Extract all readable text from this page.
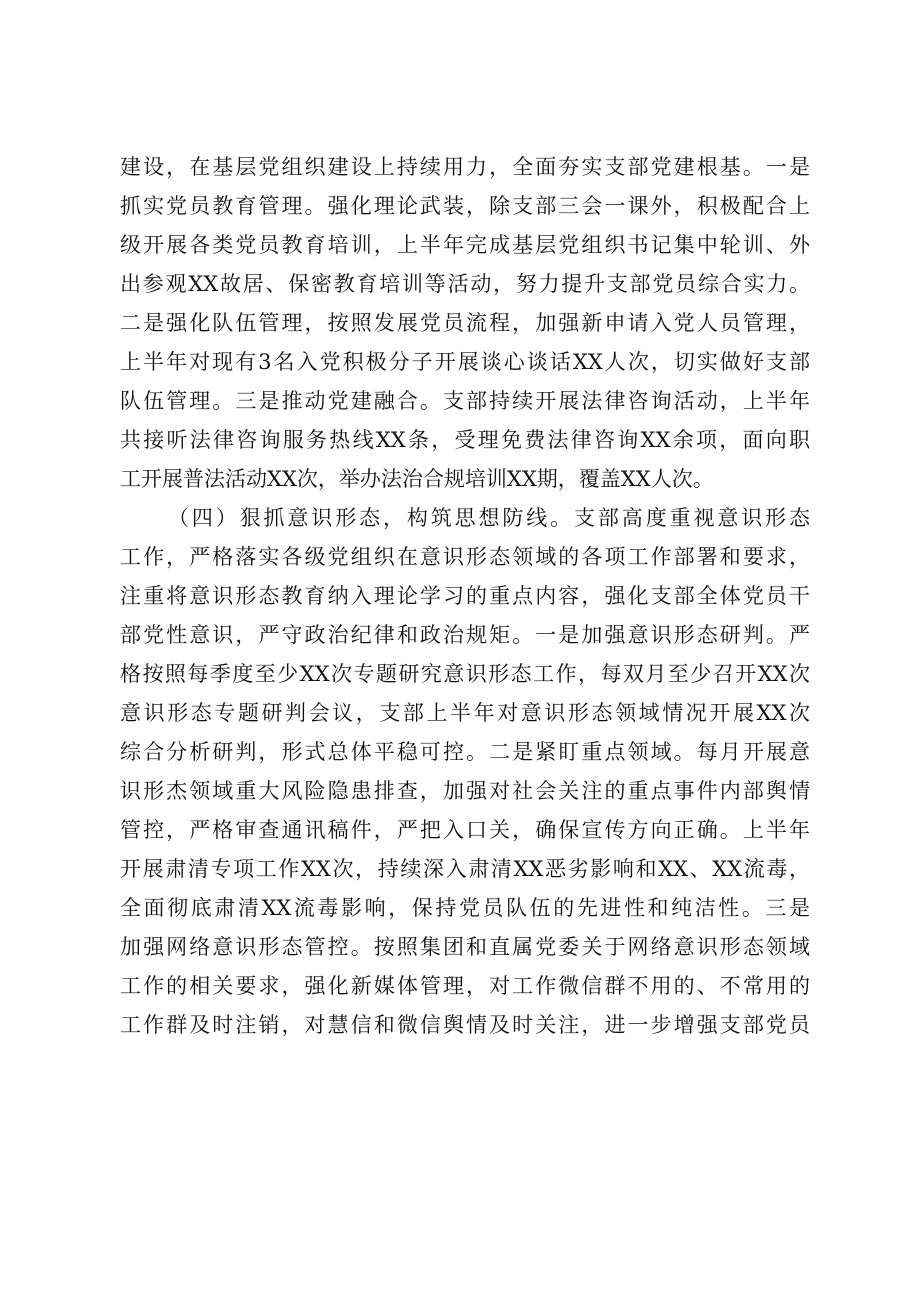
建设，在基层党组织建设上持续用力，全面夯实支部党建根基。一是
抓实党员教育管理。强化理论武装，除支部三会一课外，积极配合上
级开展各类党员教育培训，上半年完成基层党组织书记集中轮训、外
出参观XX故居、保密教育培训等活动，努力提升支部党员综合实力。
二是强化队伍管理，按照发展党员流程，加强新申请入党人员管理，
上半年对现有3名入党积极分子开展谈心谈话XX人次，切实做好支部
队伍管理。三是推动党建融合。支部持续开展法律咨询活动，上半年
共接听法律咨询服务热线XX条，受理免费法律咨询XX余项，面向职
工开展普法活动XX次，举办法治合规培训XX期，覆盖XX人次。
（四）狠抓意识形态，构筑思想防线。支部高度重视意识形态
工作，严格落实各级党组织在意识形态领域的各项工作部署和要求，
注重将意识形态教育纳入理论学习的重点内容，强化支部全体党员干
部党性意识，严守政治纪律和政治规矩。一是加强意识形态研判。严
格按照每季度至少XX次专题研究意识形态工作，每双月至少召开XX次
意识形态专题研判会议，支部上半年对意识形态领域情况开展XX次
综合分析研判，形式总体平稳可控。二是紧盯重点领域。每月开展意
识形杰领域重大风险隐患排查，加强对社会关注的重点事件内部舆情
管控，严格审查通讯稿件，严把入口关，确保宣传方向正确。上半年
开展肃清专项工作XX次，持续深入肃清XX恶劣影响和XX、XX流毒，
全面彻底肃清XX流毒影响，保持党员队伍的先进性和纯洁性。三是
加强网络意识形态管控。按照集团和直属党委关于网络意识形态领域
工作的相关要求，强化新媒体管理，对工作微信群不用的、不常用的
工作群及时注销，对慧信和微信舆情及时关注，进一步增强支部党员
